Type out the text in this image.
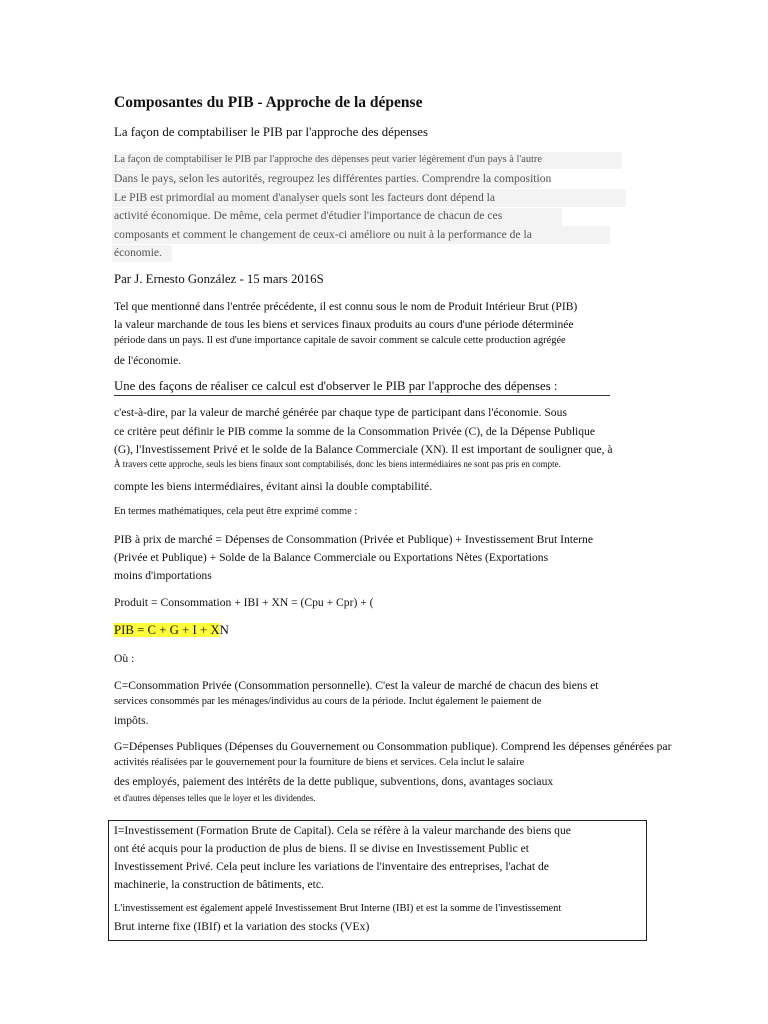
Composantes du PIB - Approche de la dépense
La façon de comptabiliser le PIB par l'approche des dépenses
La façon de comptabiliser le PIB par l'approche des dépenses peut varier légèrement d'un pays à l'autre
Dans le pays, selon les autorités, regroupez les différentes parties. Comprendre la composition
Le PIB est primordial au moment d'analyser quels sont les facteurs dont dépend la
activité économique. De même, cela permet d'étudier l'importance de chacun de ces
composants et comment le changement de ceux-ci améliore ou nuit à la performance de la
économie.
Par J. Ernesto González - 15 mars 2016S
Tel que mentionné dans l'entrée précédente, il est connu sous le nom de Produit Intérieur Brut (PIB)
la valeur marchande de tous les biens et services finaux produits au cours d'une période déterminée
période dans un pays. Il est d'une importance capitale de savoir comment se calcule cette production agrégée
de l'économie.
Une des façons de réaliser ce calcul est d'observer le PIB par l'approche des dépenses :
c'est-à-dire, par la valeur de marché générée par chaque type de participant dans l'économie. Sous
ce critère peut définir le PIB comme la somme de la Consommation Privée (C), de la Dépense Publique
(G), l'Investissement Privé et le solde de la Balance Commerciale (XN). Il est important de souligner que, à
À travers cette approche, seuls les biens finaux sont comptabilisés, donc les biens intermédiaires ne sont pas pris en compte.
compte les biens intermédiaires, évitant ainsi la double comptabilité.
En termes mathématiques, cela peut être exprimé comme :
PIB à prix de marché = Dépenses de Consommation (Privée et Publique) + Investissement Brut Interne
(Privée et Publique) + Solde de la Balance Commerciale ou Exportations Nètes (Exportations
moins d'importations
Produit = Consommation + IBI + XN = (Cpu + Cpr) + (
PIB = C + G + I + XN
Où :
C=Consommation Privée (Consommation personnelle). C'est la valeur de marché de chacun des biens et
services consommés par les ménages/individus au cours de la période. Inclut également le paiement de
impôts.
G=Dépenses Publiques (Dépenses du Gouvernement ou Consommation publique). Comprend les dépenses générées par
activités réalisées par le gouvernement pour la fourniture de biens et services. Cela inclut le salaire
des employés, paiement des intérêts de la dette publique, subventions, dons, avantages sociaux
et d'autres dépenses telles que le loyer et les dividendes.
I=Investissement (Formation Brute de Capital). Cela se réfère à la valeur marchande des biens que
ont été acquis pour la production de plus de biens. Il se divise en Investissement Public et
Investissement Privé. Cela peut inclure les variations de l'inventaire des entreprises, l'achat de
machinerie, la construction de bâtiments, etc.
L'investissement est également appelé Investissement Brut Interne (IBI) et est la somme de l'investissement
Brut interne fixe (IBIf) et la variation des stocks (VEx)
